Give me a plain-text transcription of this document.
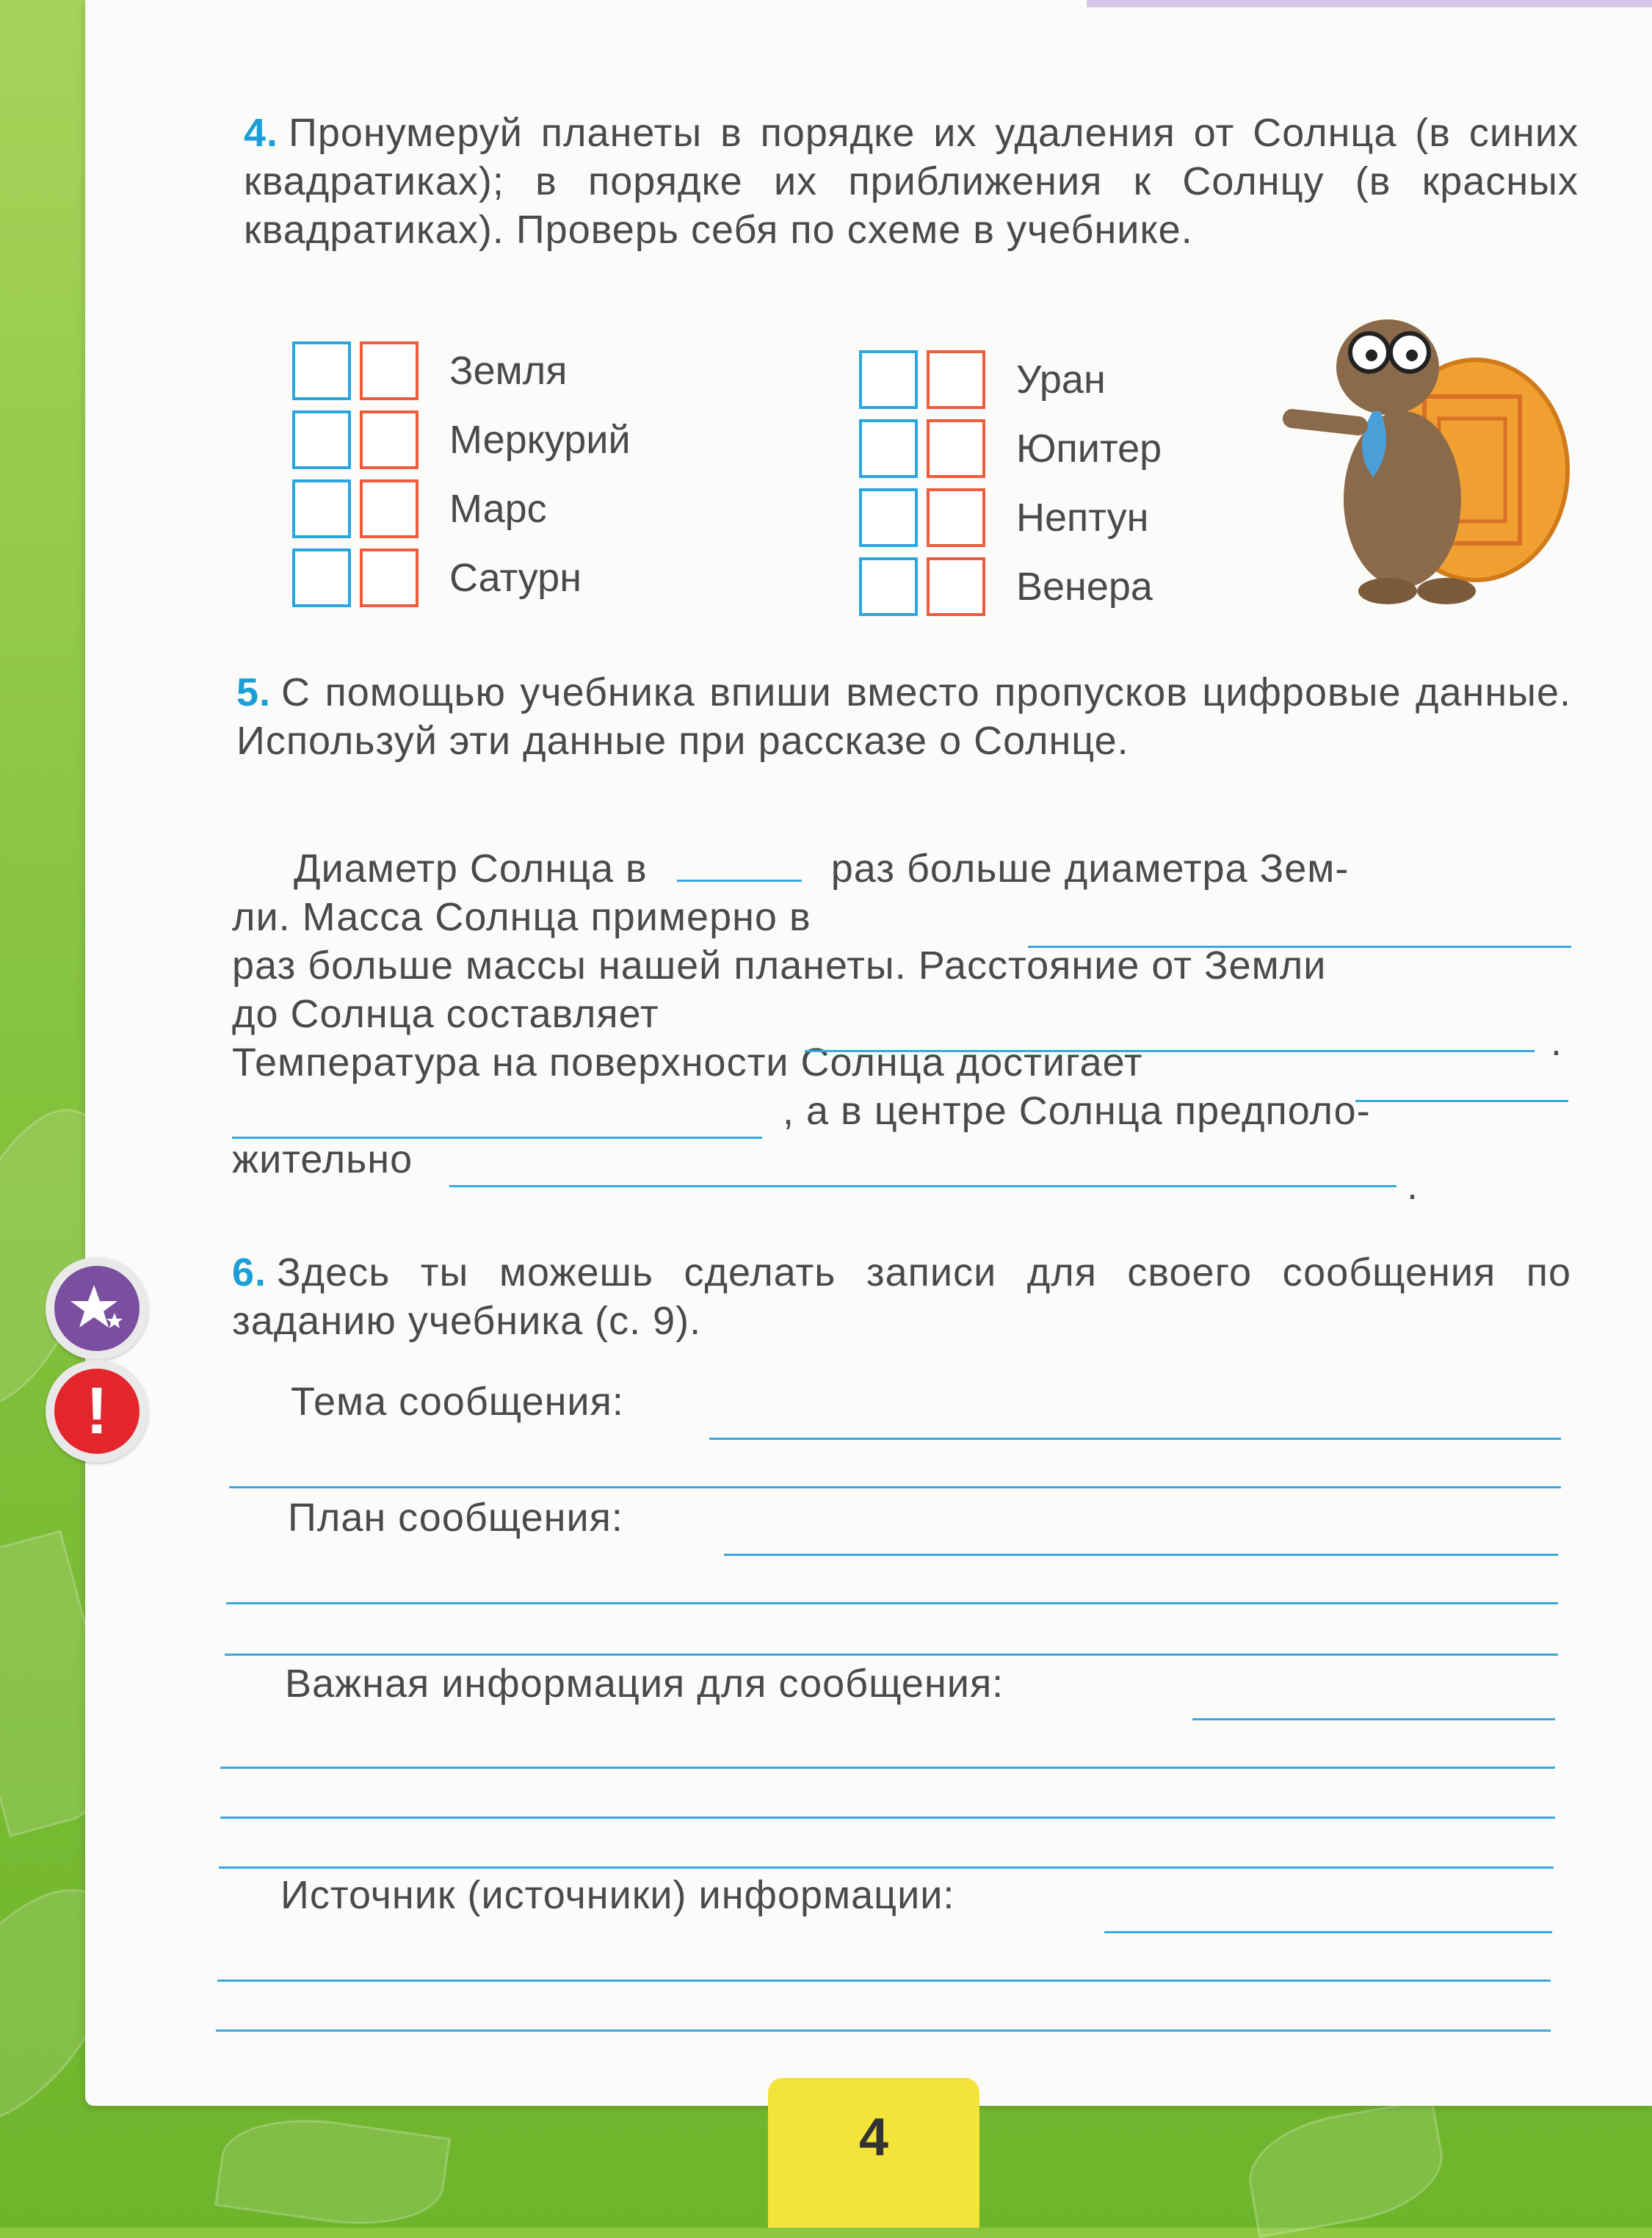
4. Пронумеруй планеты в порядке их удаления от Солнца (в синих квадратиках); в порядке их приближения к Солнцу (в красных квадратиках). Проверь себя по схеме в учебнике.

Земля
Меркурий
Марс
Сатурн
Уран
Юпитер
Нептун
Венера

5. С помощью учебника впиши вместо пропусков цифровые данные. Используй эти данные при рассказе о Солнце.

Диаметр Солнца в	раз больше диаметра Зем-
ли. Масса Солнца примерно в
раз больше массы нашей планеты. Расстояние от Земли
до Солнца составляет
Температура на поверхности Солнца достигает
, а в центре Солнца предполо-
жительно
.
.
!

6. Здесь ты можешь сделать записи для своего сообщения по заданию учебника (с. 9).

Тема сообщения:
План сообщения:
Важная информация для сообщения:
Источник (источники) информации:
4
